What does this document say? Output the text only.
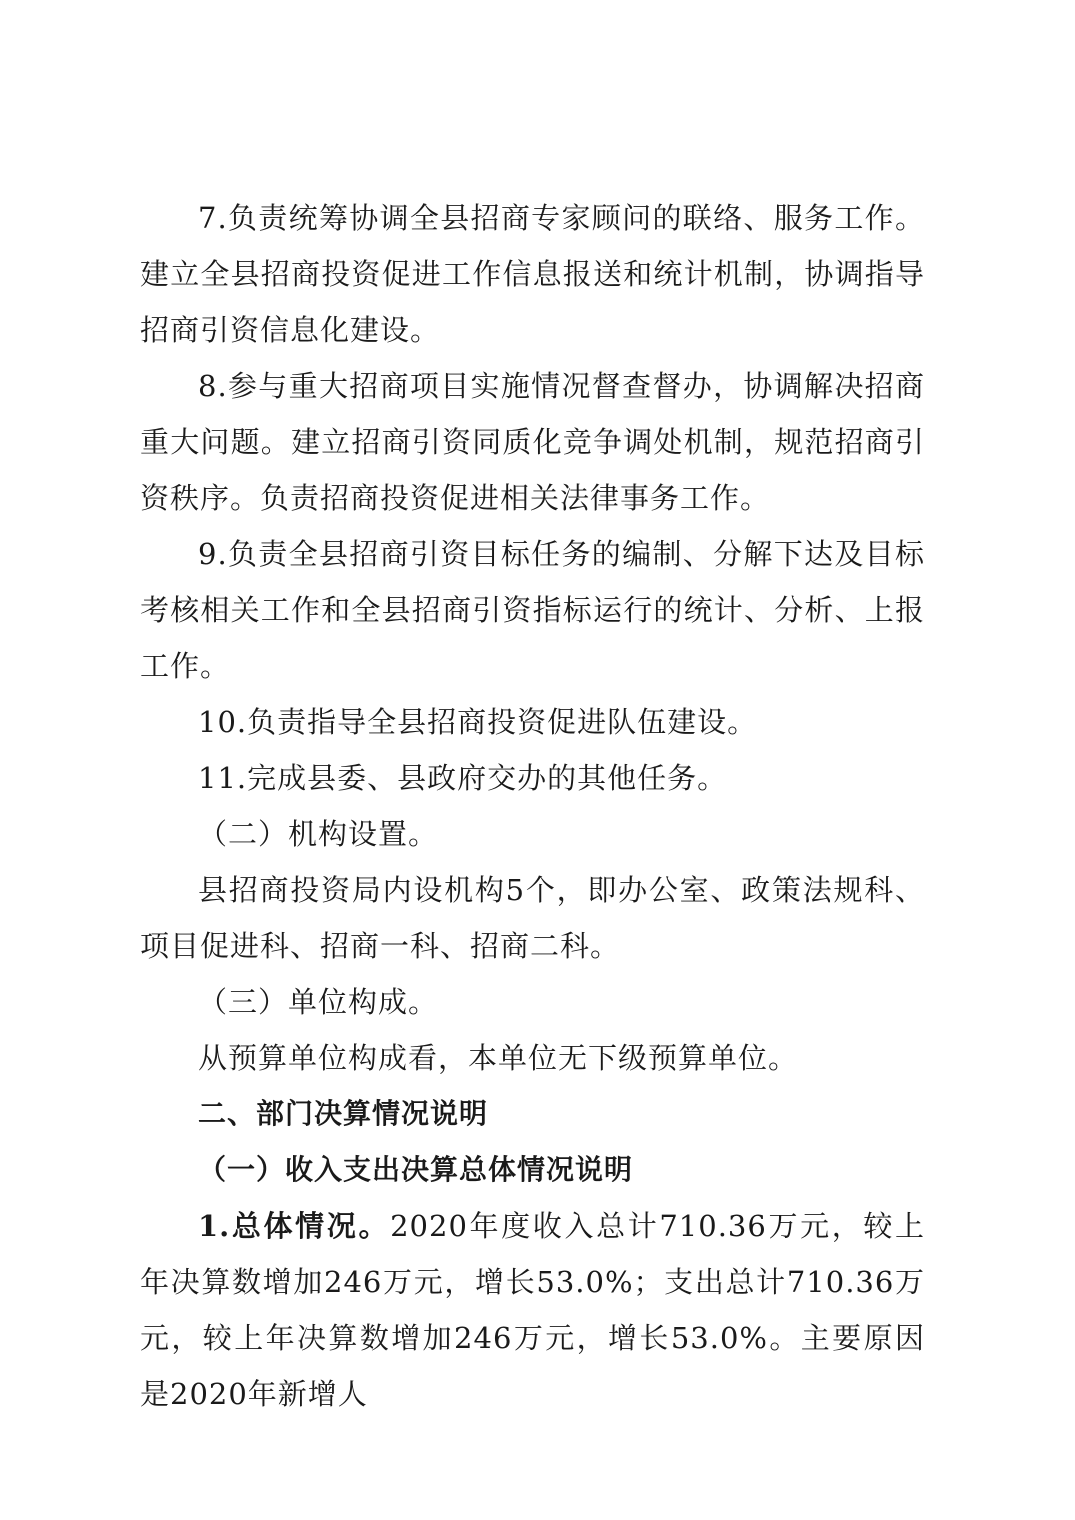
7.负责统筹协调全县招商专家顾问的联络、服务工作。建立全县招商投资促进工作信息报送和统计机制，协调指导招商引资信息化建设。

8.参与重大招商项目实施情况督查督办，协调解决招商重大问题。建立招商引资同质化竞争调处机制，规范招商引资秩序。负责招商投资促进相关法律事务工作。

9.负责全县招商引资目标任务的编制、分解下达及目标考核相关工作和全县招商引资指标运行的统计、分析、上报工作。

10.负责指导全县招商投资促进队伍建设。

11.完成县委、县政府交办的其他任务。

（二）机构设置。

县招商投资局内设机构5个，即办公室、政策法规科、项目促进科、招商一科、招商二科。

（三）单位构成。

从预算单位构成看，本单位无下级预算单位。

二、部门决算情况说明

（一）收入支出决算总体情况说明

1.总体情况。2020年度收入总计710.36万元，较上年决算数增加246万元，增长53.0%；支出总计710.36万元，较上年决算数增加246万元，增长53.0%。主要原因是2020年新增人
